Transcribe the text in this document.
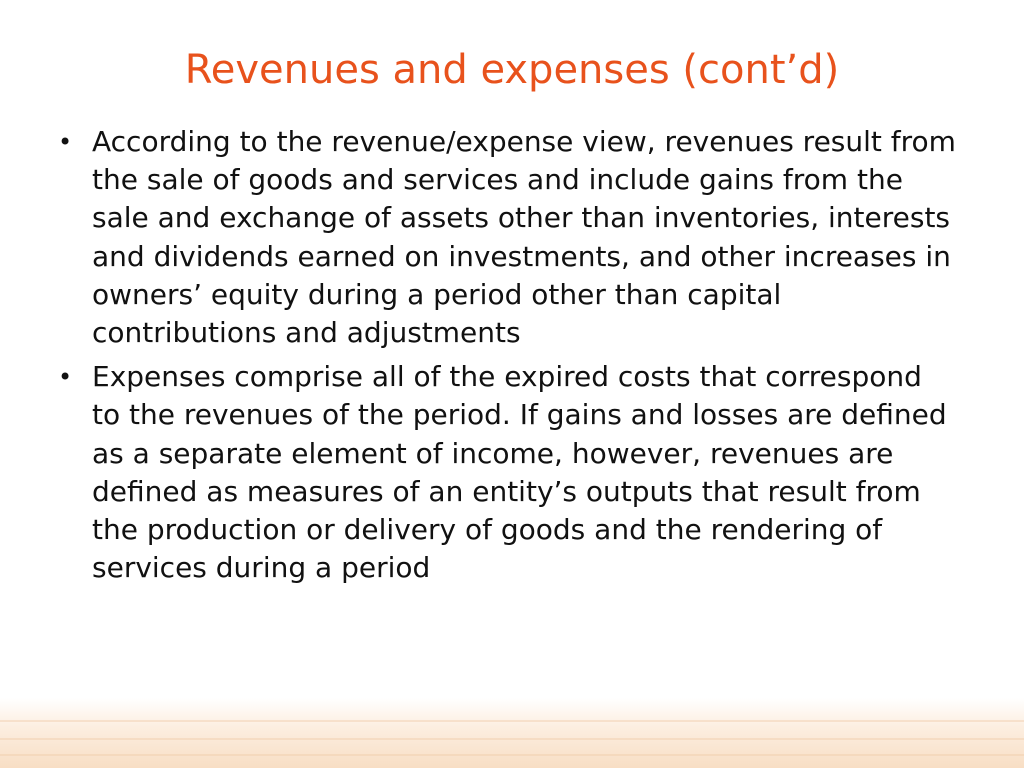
Revenues and expenses (cont’d)
• According to the revenue/expense view, revenues result from the sale of goods and services and include gains from the sale and exchange of assets other than inventories, interests and dividends earned on investments, and other increases in owners’ equity during a period other than capital contributions and adjustments
• Expenses comprise all of the expired costs that correspond to the revenues of the period. If gains and losses are defined as a separate element of income, however, revenues are defined as measures of an entity’s outputs that result from the production or delivery of goods and the rendering of services during a period
